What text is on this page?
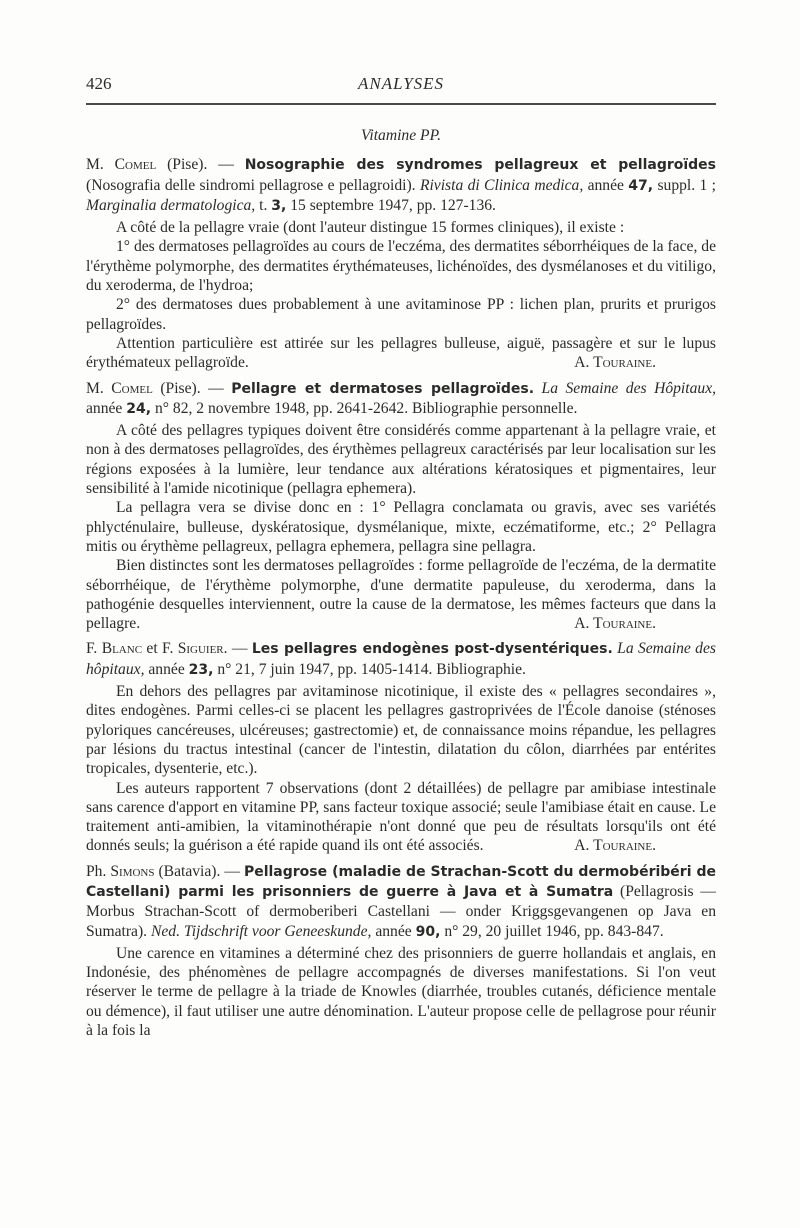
426	ANALYSES
Vitamine PP.

M. Comel (Pise). — Nosographie des syndromes pellagreux et pellagroïdes (Nosografia delle sindromi pellagrose e pellagroidi). Rivista di Clinica medica, année 47, suppl. 1 ; Marginalia dermatologica, t. 3, 15 septembre 1947, pp. 127-136.

A côté de la pellagre vraie (dont l'auteur distingue 15 formes cliniques), il existe :

1° des dermatoses pellagroïdes au cours de l'eczéma, des dermatites séborrhéiques de la face, de l'érythème polymorphe, des dermatites érythémateuses, lichénoïdes, des dysmélanoses et du vitiligo, du xeroderma, de l'hydroa;

2° des dermatoses dues probablement à une avitaminose PP : lichen plan, prurits et prurigos pellagroïdes.

Attention particulière est attirée sur les pellagres bulleuse, aiguë, passagère et sur le lupus érythémateux pellagroïde.	A. Touraine.

M. Comel (Pise). — Pellagre et dermatoses pellagroïdes. La Semaine des Hôpitaux, année 24, n° 82, 2 novembre 1948, pp. 2641-2642. Bibliographie personnelle.

A côté des pellagres typiques doivent être considérés comme appartenant à la pellagre vraie, et non à des dermatoses pellagroïdes, des érythèmes pellagreux caractérisés par leur localisation sur les régions exposées à la lumière, leur tendance aux altérations kératosiques et pigmentaires, leur sensibilité à l'amide nicotinique (pellagra ephemera).

La pellagra vera se divise donc en : 1° Pellagra conclamata ou gravis, avec ses variétés phlycténulaire, bulleuse, dyskératosique, dysmélanique, mixte, eczématiforme, etc.; 2° Pellagra mitis ou érythème pellagreux, pellagra ephemera, pellagra sine pellagra.

Bien distinctes sont les dermatoses pellagroïdes : forme pellagroïde de l'eczéma, de la dermatite séborrhéique, de l'érythème polymorphe, d'une dermatite papuleuse, du xeroderma, dans la pathogénie desquelles interviennent, outre la cause de la dermatose, les mêmes facteurs que dans la pellagre.	A. Touraine.

F. Blanc et F. Siguier. — Les pellagres endogènes post-dysentériques. La Semaine des hôpitaux, année 23, n° 21, 7 juin 1947, pp. 1405-1414. Bibliographie.

En dehors des pellagres par avitaminose nicotinique, il existe des « pellagres secondaires », dites endogènes. Parmi celles-ci se placent les pellagres gastroprivées de l'École danoise (sténoses pyloriques cancéreuses, ulcéreuses; gastrectomie) et, de connaissance moins répandue, les pellagres par lésions du tractus intestinal (cancer de l'intestin, dilatation du côlon, diarrhées par entérites tropicales, dysenterie, etc.).

Les auteurs rapportent 7 observations (dont 2 détaillées) de pellagre par amibiase intestinale sans carence d'apport en vitamine PP, sans facteur toxique associé; seule l'amibiase était en cause. Le traitement anti-amibien, la vitaminothérapie n'ont donné que peu de résultats lorsqu'ils ont été donnés seuls; la guérison a été rapide quand ils ont été associés.	A. Touraine.

Ph. Simons (Batavia). — Pellagrose (maladie de Strachan-Scott du dermobéribéri de Castellani) parmi les prisonniers de guerre à Java et à Sumatra (Pellagrosis — Morbus Strachan-Scott of dermoberiberi Castellani — onder Kriggsgevangenen op Java en Sumatra). Ned. Tijdschrift voor Geneeskunde, année 90, n° 29, 20 juillet 1946, pp. 843-847.

Une carence en vitamines a déterminé chez des prisonniers de guerre hollandais et anglais, en Indonésie, des phénomènes de pellagre accompagnés de diverses manifestations. Si l'on veut réserver le terme de pellagre à la triade de Knowles (diarrhée, troubles cutanés, déficience mentale ou démence), il faut utiliser une autre dénomination. L'auteur propose celle de pellagrose pour réunir à la fois la
